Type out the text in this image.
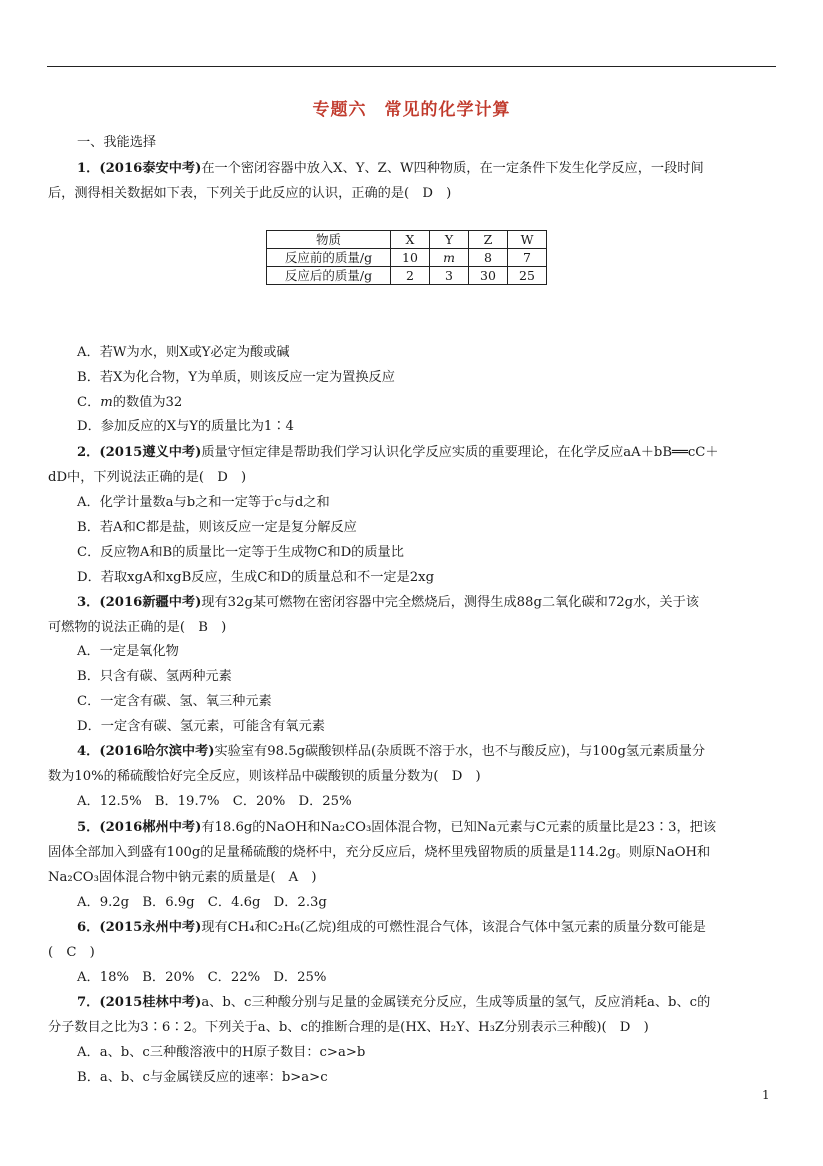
专题六　常见的化学计算
一、我能选择
1．(2016泰安中考)在一个密闭容器中放入X、Y、Z、W四种物质，在一定条件下发生化学反应，一段时间
后，测得相关数据如下表，下列关于此反应的认识，正确的是(　D　)
物质	X	Y	Z	W
反应前的质量/g	10	m	8	7
反应后的质量/g	2	3	30	25
A．若W为水，则X或Y必定为酸或碱
B．若X为化合物，Y为单质，则该反应一定为置换反应
C．m的数值为32
D．参加反应的X与Y的质量比为1∶4
2．(2015遵义中考)质量守恒定律是帮助我们学习认识化学反应实质的重要理论，在化学反应aA＋bB══cC＋
dD中，下列说法正确的是(　D　)
A．化学计量数a与b之和一定等于c与d之和
B．若A和C都是盐，则该反应一定是复分解反应
C．反应物A和B的质量比一定等于生成物C和D的质量比
D．若取xgA和xgB反应，生成C和D的质量总和不一定是2xg
3．(2016新疆中考)现有32g某可燃物在密闭容器中完全燃烧后，测得生成88g二氧化碳和72g水，关于该
可燃物的说法正确的是(　B　)
A．一定是氧化物
B．只含有碳、氢两种元素
C．一定含有碳、氢、氧三种元素
D．一定含有碳、氢元素，可能含有氧元素
4．(2016哈尔滨中考)实验室有98.5g碳酸钡样品(杂质既不溶于水，也不与酸反应)，与100g氢元素质量分
数为10%的稀硫酸恰好完全反应，则该样品中碳酸钡的质量分数为(　D　)
A．12.5%　B．19.7%　C．20%　D．25%
5．(2016郴州中考)有18.6g的NaOH和Na₂CO₃固体混合物，已知Na元素与C元素的质量比是23∶3，把该
固体全部加入到盛有100g的足量稀硫酸的烧杯中，充分反应后，烧杯里残留物质的质量是114.2g。则原NaOH和
Na₂CO₃固体混合物中钠元素的质量是(　A　)
A．9.2g　B．6.9g　C．4.6g　D．2.3g
6．(2015永州中考)现有CH₄和C₂H₆(乙烷)组成的可燃性混合气体，该混合气体中氢元素的质量分数可能是
(　C　)
A．18%　B．20%　C．22%　D．25%
7．(2015桂林中考)a、b、c三种酸分别与足量的金属镁充分反应，生成等质量的氢气，反应消耗a、b、c的
分子数目之比为3∶6∶2。下列关于a、b、c的推断合理的是(HX、H₂Y、H₃Z分别表示三种酸)(　D　)
A．a、b、c三种酸溶液中的H原子数目：c>a>b
B．a、b、c与金属镁反应的速率：b>a>c
1
